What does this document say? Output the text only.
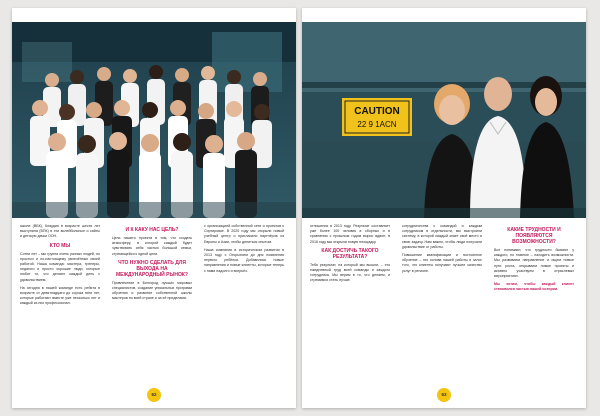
школе (ВБК), Клаудия в возрасте шести лет выступила (ВПК) в эти волейбольные и сайты и детскую дачки ООН.

КТО МЫ

Сотни лет – мы группа очень разных людей, но простых и по-настоящему увлечённых своей работой. Наша команда: мастера, тренеры, педагоги и просто хорошие люди, которые любят то, что делают каждый день с удовольствием.

На сегодня в нашей команде есть ребята в возрасте от девятнадцати до сорока пяти лет, которые работают вместе уже несколько лет и каждый из них профессионал.

И К КАКУ НАС ЦЕЛЬ?

Цель нашего проекта в том, что создать атмосферу, в которой каждый будет чувствовать себя частью большой семьи, стремящейся к одной цели.

ЧТО НУЖНО СДЕЛАТЬ ДЛЯ ВЫХОДА НА МЕЖДУНАРОДНЫЙ РЫНОК?

Привлечение в Белгород лучших мировых специалистов, создание уникальных программ обучения и развитие собственной школы мастеров по всей стране и за её пределами.

с организацией собственной сети и проектов к Сортировке. В 2020 году мы открыли новый учебный центр и пригласили партнёров из Европы и Азии, чтобы делиться опытом.

Наша компания в историческом развитии в 2013 году с Открытием до дня появления первого ребёнка. Добавились новые направления и новые клиенты, которые теперь с нами надолго и всерьёз.

62
CAUTION
22 9 1ACN

отношения в 2013 году. Результат составляет уже более 100 человек в сборных и в сравнении с прошлым годом вырос вдвое, в 2016 году мы открыли новую площадку.

КАК ДОСТИЧЬ ТАКОГО РЕЗУЛЬТАТА?

Тебя результат, на который мы вышли, – это ежедневный труд всей команды и каждого сотрудника. Мы верим в то, что делаем, и стремимся стать лучше.

сотрудничества с командой и каждым сотрудником в отдельности, мы выстроили систему, в которой каждый знает своё место и свою задачу. Нам важно, чтобы люди получали удовольствие от работы.

Повышение квалификации и постоянное обучение – это основа нашей работы и залог того, что клиенты получают лучшее качество услуг в регионе.

КАКИЕ ТРУДНОСТИ И ПОЯВЛЯЮТСЯ ВОЗМОЖНОСТИ?

Все понимают, что трудности бывают у каждого, но главное – находить возможности. Мы развиваем направление и ищем новые пути роста, открываем новые проекты и активно участвуем в отраслевых мероприятиях.

Мы хотим, чтобы каждый клиент становился частью нашей истории.

63
